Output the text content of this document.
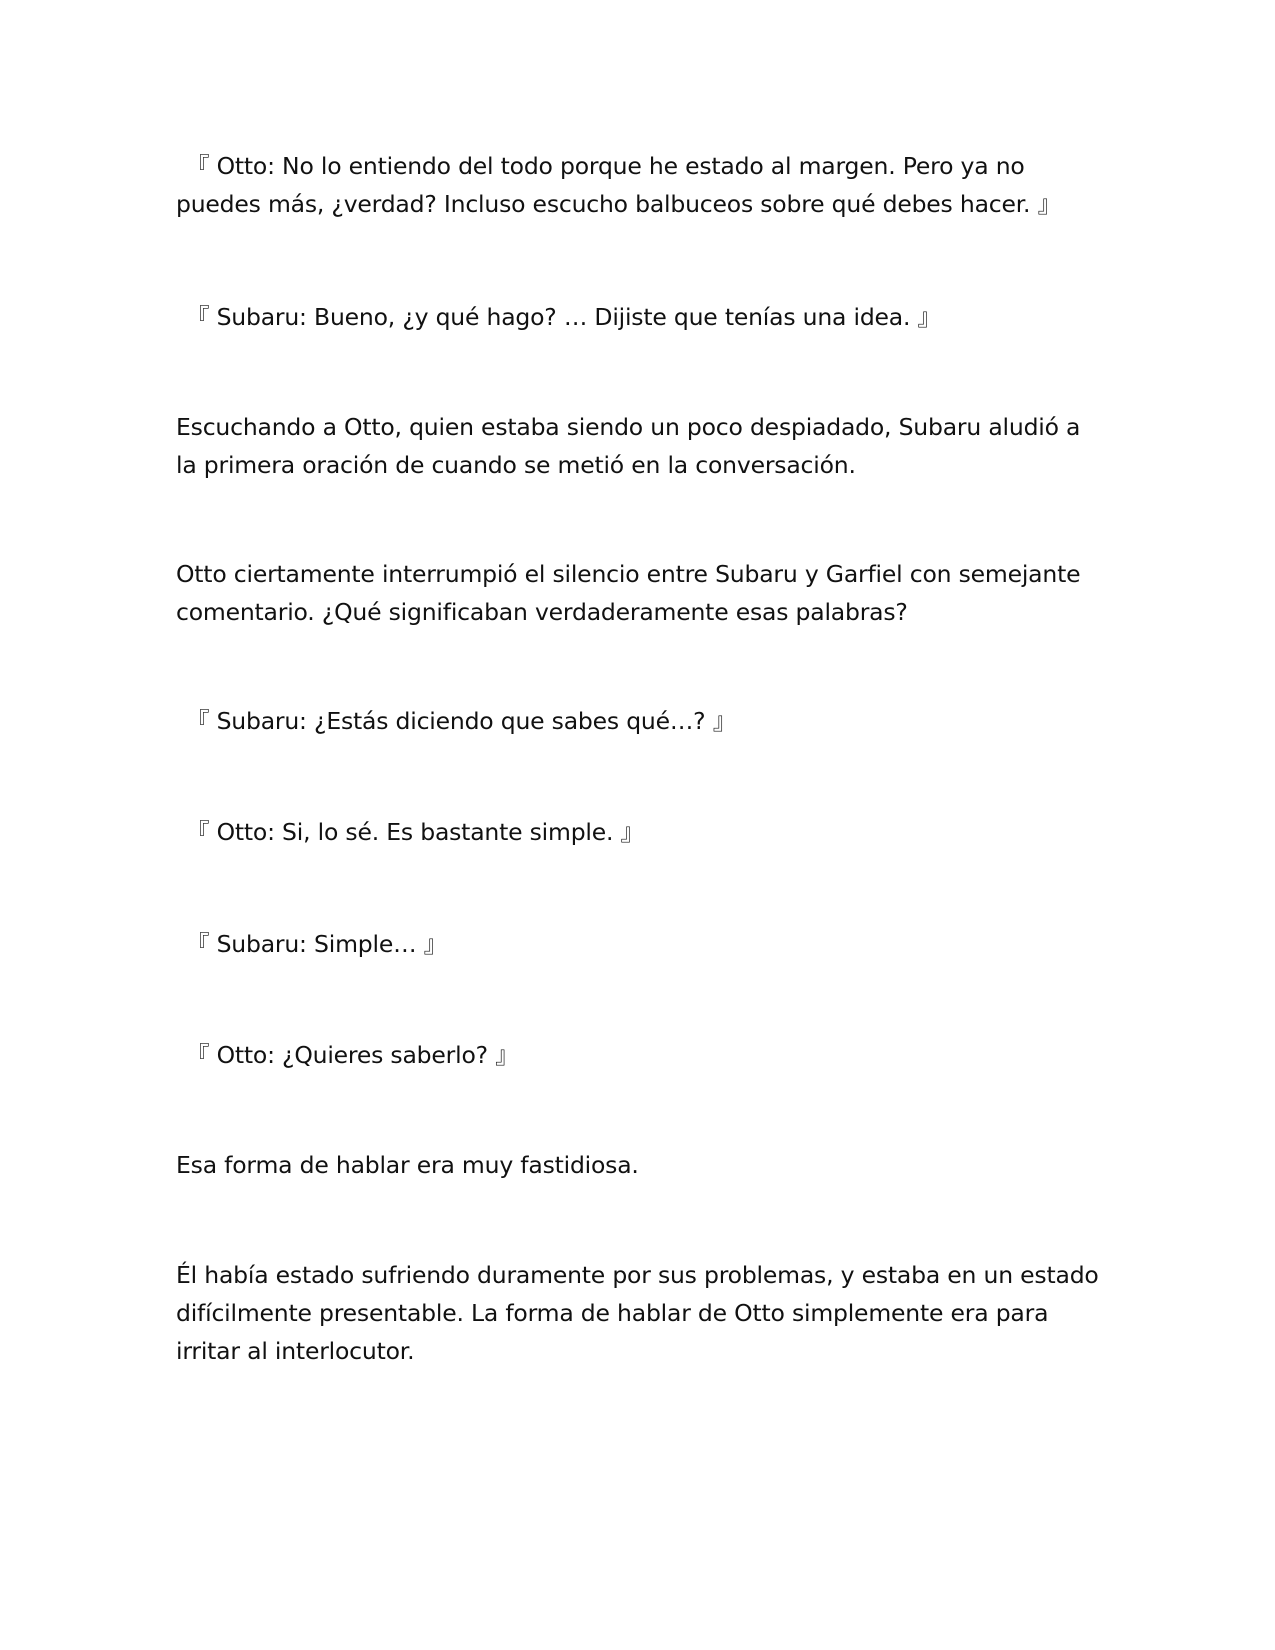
『 Otto: No lo entiendo del todo porque he estado al margen. Pero ya no puedes más, ¿verdad? Incluso escucho balbuceos sobre qué debes hacer. 』

『 Subaru: Bueno, ¿y qué hago? … Dijiste que tenías una idea. 』

Escuchando a Otto, quien estaba siendo un poco despiadado, Subaru aludió a la primera oración de cuando se metió en la conversación.

Otto ciertamente interrumpió el silencio entre Subaru y Garfiel con semejante comentario. ¿Qué significaban verdaderamente esas palabras?

『 Subaru: ¿Estás diciendo que sabes qué…? 』

『 Otto: Si, lo sé. Es bastante simple. 』

『 Subaru: Simple… 』

『 Otto: ¿Quieres saberlo? 』

Esa forma de hablar era muy fastidiosa.

Él había estado sufriendo duramente por sus problemas, y estaba en un estado difícilmente presentable. La forma de hablar de Otto simplemente era para irritar al interlocutor.
